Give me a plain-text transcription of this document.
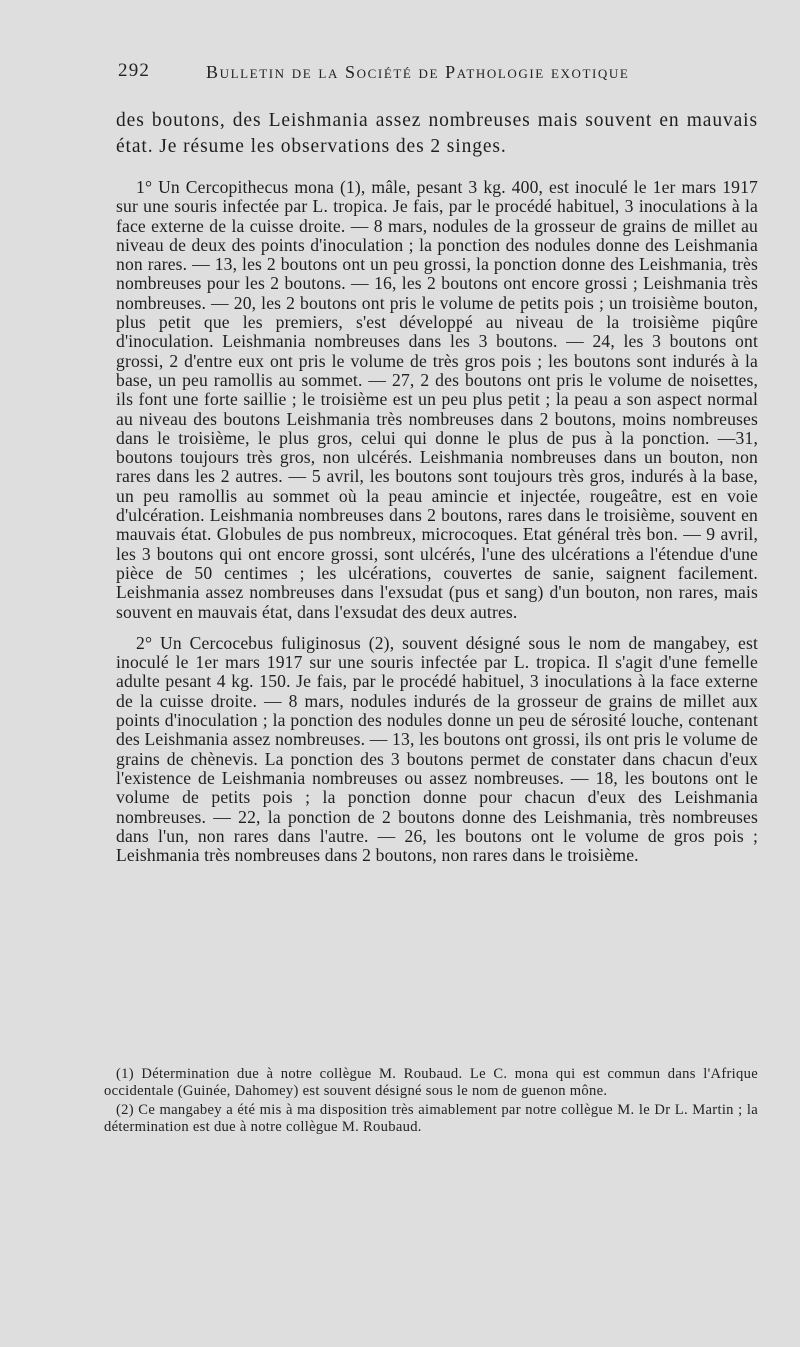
292	Bulletin de la Société de Pathologie exotique

des boutons, des Leishmania assez nombreuses mais souvent en mauvais état. Je résume les observations des 2 singes.

1° Un Cercopithecus mona (1), mâle, pesant 3 kg. 400, est inoculé le 1er mars 1917 sur une souris infectée par L. tropica. Je fais, par le procédé habituel, 3 inoculations à la face externe de la cuisse droite. — 8 mars, nodules de la grosseur de grains de millet au niveau de deux des points d'inoculation ; la ponction des nodules donne des Leishmania non rares. — 13, les 2 boutons ont un peu grossi, la ponction donne des Leishmania, très nombreuses pour les 2 boutons. — 16, les 2 boutons ont encore grossi ; Leishmania très nombreuses. — 20, les 2 boutons ont pris le volume de petits pois ; un troisième bouton, plus petit que les premiers, s'est développé au niveau de la troisième piqûre d'inoculation. Leishmania nombreuses dans les 3 boutons. — 24, les 3 boutons ont grossi, 2 d'entre eux ont pris le volume de très gros pois ; les boutons sont indurés à la base, un peu ramollis au sommet. — 27, 2 des boutons ont pris le volume de noisettes, ils font une forte saillie ; le troisième est un peu plus petit ; la peau a son aspect normal au niveau des boutons Leishmania très nombreuses dans 2 boutons, moins nombreuses dans le troisième, le plus gros, celui qui donne le plus de pus à la ponction. —31, boutons toujours très gros, non ulcérés. Leishmania nombreuses dans un bouton, non rares dans les 2 autres. — 5 avril, les boutons sont toujours très gros, indurés à la base, un peu ramollis au sommet où la peau amincie et injectée, rougeâtre, est en voie d'ulcération. Leishmania nombreuses dans 2 boutons, rares dans le troisième, souvent en mauvais état. Globules de pus nombreux, microcoques. Etat général très bon. — 9 avril, les 3 boutons qui ont encore grossi, sont ulcérés, l'une des ulcérations a l'étendue d'une pièce de 50 centimes ; les ulcérations, couvertes de sanie, saignent facilement. Leishmania assez nombreuses dans l'exsudat (pus et sang) d'un bouton, non rares, mais souvent en mauvais état, dans l'exsudat des deux autres.

2° Un Cercocebus fuliginosus (2), souvent désigné sous le nom de mangabey, est inoculé le 1er mars 1917 sur une souris infectée par L. tropica. Il s'agit d'une femelle adulte pesant 4 kg. 150. Je fais, par le procédé habituel, 3 inoculations à la face externe de la cuisse droite. — 8 mars, nodules indurés de la grosseur de grains de millet aux points d'inoculation ; la ponction des nodules donne un peu de sérosité louche, contenant des Leishmania assez nombreuses. — 13, les boutons ont grossi, ils ont pris le volume de grains de chènevis. La ponction des 3 boutons permet de constater dans chacun d'eux l'existence de Leishmania nombreuses ou assez nombreuses. — 18, les boutons ont le volume de petits pois ; la ponction donne pour chacun d'eux des Leishmania nombreuses. — 22, la ponction de 2 boutons donne des Leishmania, très nombreuses dans l'un, non rares dans l'autre. — 26, les boutons ont le volume de gros pois ; Leishmania très nombreuses dans 2 boutons, non rares dans le troisième.

(1) Détermination due à notre collègue M. Roubaud. Le C. mona qui est commun dans l'Afrique occidentale (Guinée, Dahomey) est souvent désigné sous le nom de guenon mône.

(2) Ce mangabey a été mis à ma disposition très aimablement par notre collègue M. le Dr L. Martin ; la détermination est due à notre collègue M. Roubaud.
